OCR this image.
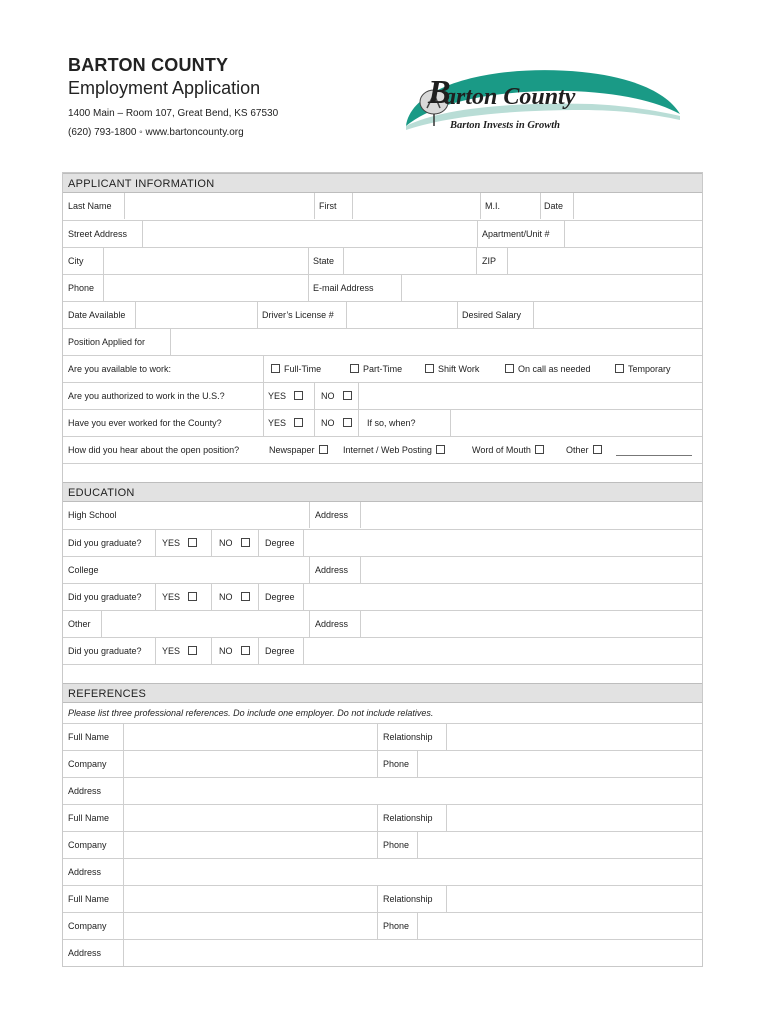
BARTON COUNTY
Employment Application
1400 Main – Room 107, Great Bend, KS 67530
(620) 793-1800 ◦ www.bartoncounty.org
arton County
B
Barton Invests in Growth
APPLICANT INFORMATION
Last Name	First	M.I.	Date
Street Address	Apartment/Unit #
City	State	ZIP
Phone	E-mail Address
Date Available	Driver’s License #	Desired Salary
Position Applied for
Are you available to work:	Full-Time	Part-Time	Shift Work	On call as needed	Temporary
Are you authorized to work in the U.S.?	YES	NO
Have you ever worked for the County?	YES	NO	If so, when?
How did you hear about the open position?	Newspaper	Internet / Web Posting	Word of Mouth	Other
EDUCATION
High School	Address
Did you graduate? YES	NO	Degree
College	Address
Did you graduate? YES	NO	Degree
Other	Address
Did you graduate? YES	NO	Degree
REFERENCES
Please list three professional references. Do include one employer. Do not include relatives.
Full Name	Relationship
Company	Phone
Address
Full Name	Relationship
Company	Phone
Address
Full Name	Relationship
Company	Phone
Address
